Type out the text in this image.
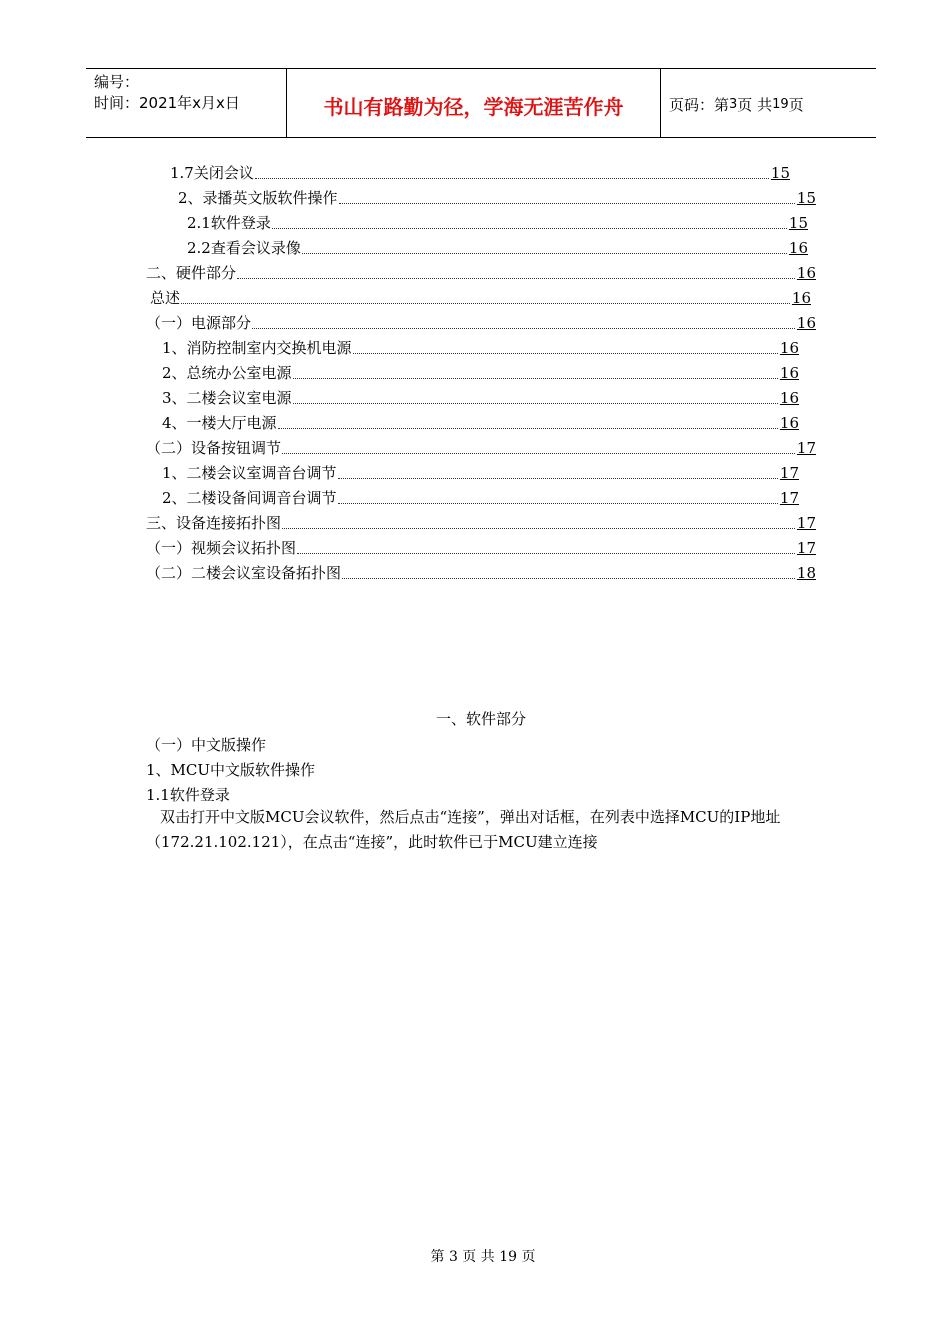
编号：
时间：2021年x月x日	书山有路勤为径，学海无涯苦作舟	页码：第 3 页 共 19 页
1.7关闭会议	15
2、录播英文版软件操作	15
2.1软件登录	15
2.2查看会议录像	16
二、硬件部分	16
总述	16
（一）电源部分	16
1、消防控制室内交换机电源	16
2、总统办公室电源	16
3、二楼会议室电源	16
4、一楼大厅电源	16
（二）设备按钮调节	17
1、二楼会议室调音台调节	17
2、二楼设备间调音台调节	17
三、设备连接拓扑图	17
（一）视频会议拓扑图	17
（二）二楼会议室设备拓扑图	18
一、软件部分
（一）中文版操作
1、MCU中文版软件操作
1.1软件登录
双击打开中文版MCU会议软件，然后点击“连接”，弹出对话框，在列表中选择MCU的IP地址（172.21.102.121），在点击“连接”，此时软件已于MCU建立连接
第 3 页 共 19 页
